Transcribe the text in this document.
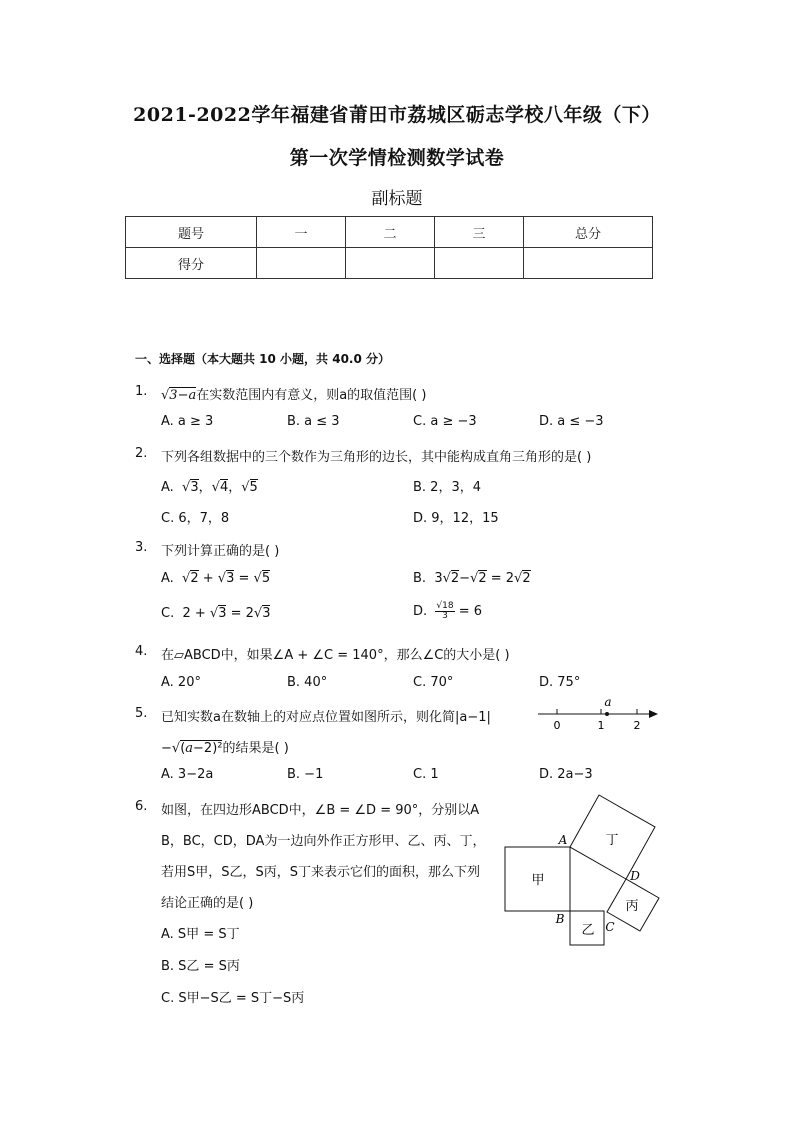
2021-2022学年福建省莆田市荔城区砺志学校八年级（下）
第一次学情检测数学试卷
副标题
题号	一	二	三	总分
得分				
一、选择题（本大题共 10 小题，共 40.0 分）
1. √3−a在实数范围内有意义，则a的取值范围( )
A. a ≥ 3	B. a ≤ 3	C. a ≥ −3	D. a ≤ −3
2. 下列各组数据中的三个数作为三角形的边长，其中能构成直角三角形的是( )
A.  √3，√4，√5	B. 2，3，4
C. 6，7，8	D. 9，12，15
3. 下列计算正确的是( )
A.  √2 + √3 = √5	B.  3√2−√2 = 2√2
C.  2 + √3 = 2√3	D. $\frac{√18}{3} = 6$
4. 在▱ABCD中，如果∠A + ∠C = 140°，那么∠C的大小是( )
A. 20°	B. 40°	C. 70°	D. 75°
5. 已知实数a在数轴上的对应点位置如图所示，则化简|a−1|
−√(a−2)²的结果是( )
0	1	2
a
A. 3−2a	B. −1	C. 1	D. 2a−3
6. 如图，在四边形ABCD中，∠B = ∠D = 90°，分别以A
B，BC，CD，DA为一边向外作正方形甲、乙、丙、丁，
若用S甲，S乙，S丙，S丁来表示它们的面积，那么下列
结论正确的是( )
A. S甲 = S丁
B. S乙 = S丙
C. S甲−S乙 = S丁−S丙
丁
甲
丙
乙
A
B
C
D
